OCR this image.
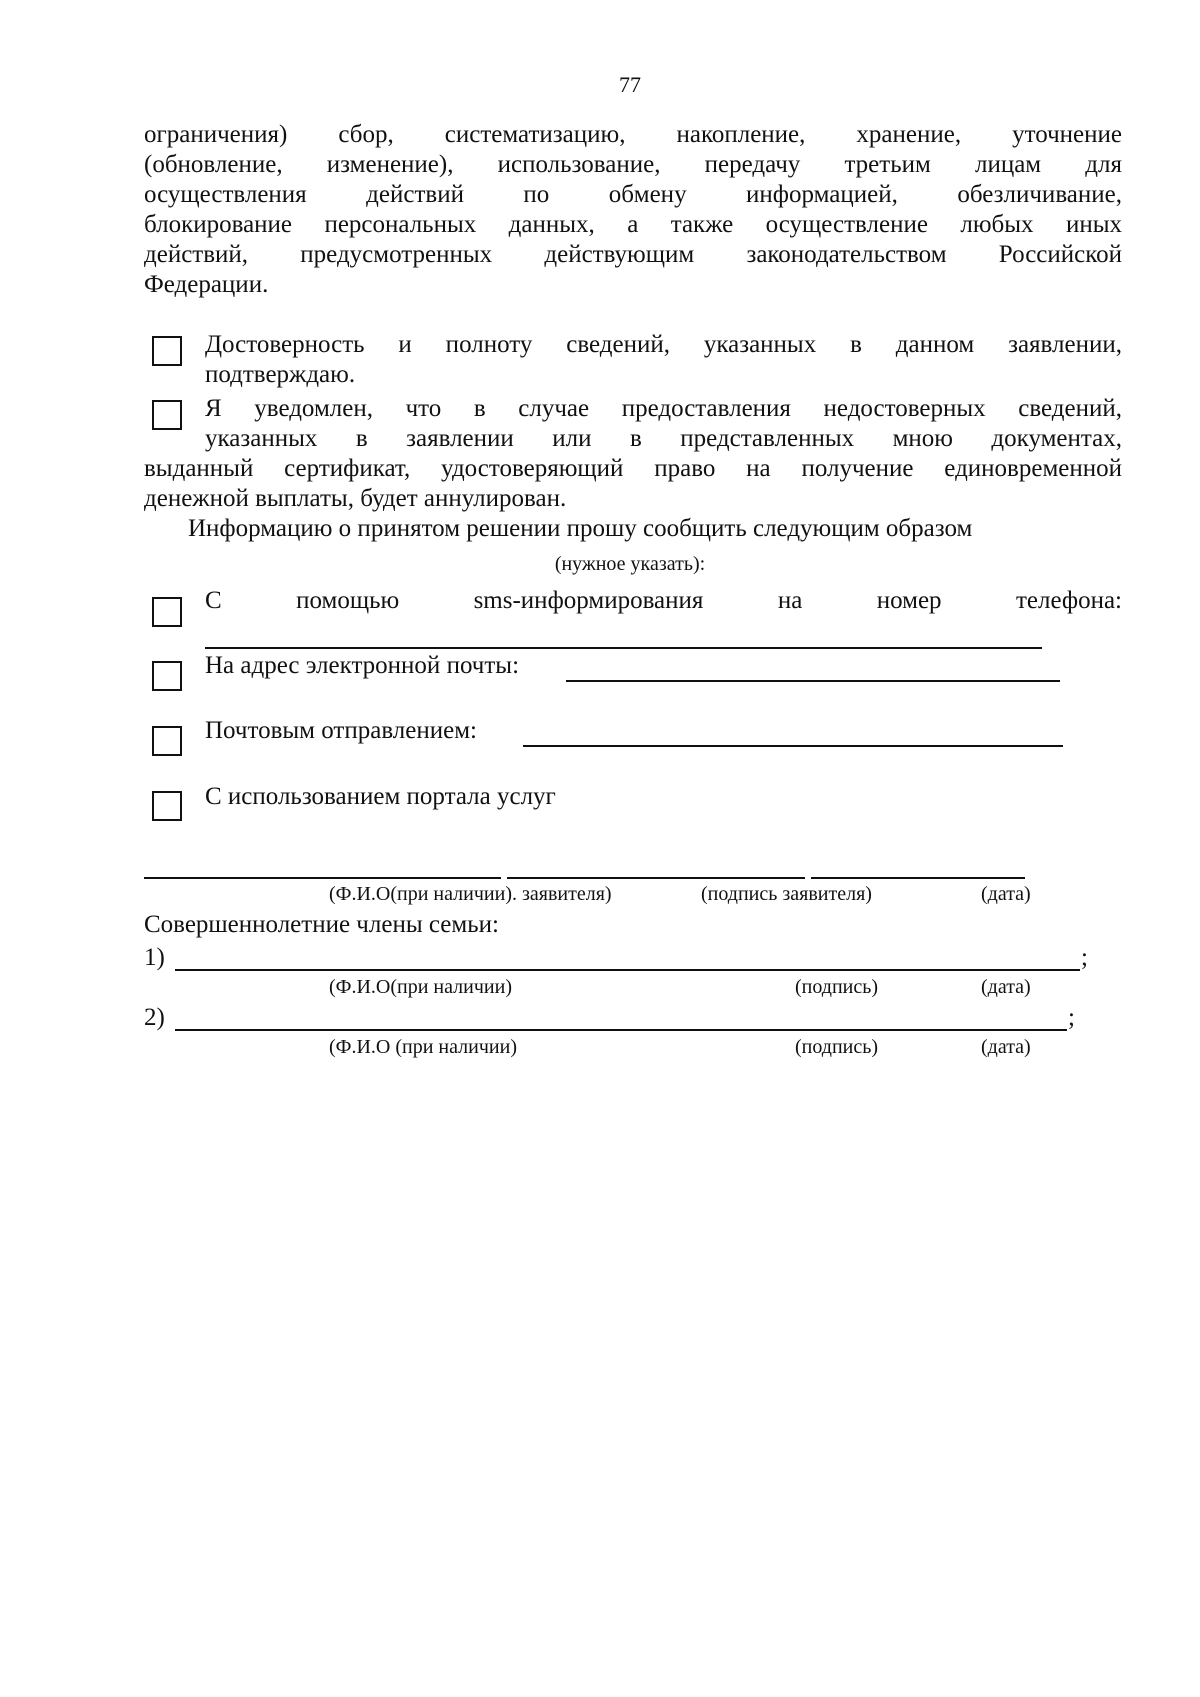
77
ограничения) сбор, систематизацию, накопление, хранение, уточнение
(обновление, изменение), использование, передачу третьим лицам для
осуществления действий по обмену информацией, обезличивание,
блокирование персональных данных, а также осуществление любых иных
действий, предусмотренных действующим законодательством Российской
Федерации.
Достоверность и полноту сведений, указанных в данном заявлении,
подтверждаю.
Я уведомлен, что в случае предоставления недостоверных сведений,
указанных в заявлении или в представленных мною документах,
выданный сертификат, удостоверяющий право на получение единовременной
денежной выплаты, будет аннулирован.
Информацию о принятом решении прошу сообщить следующим образом
(нужное указать):
С помощью sms-информирования на номер телефона:
На адрес электронной почты:
Почтовым отправлением:
С использованием портала услуг
(Ф.И.О(при наличии). заявителя)	(подпись заявителя)	(дата)
Совершеннолетние члены семьи:
1)	;
(Ф.И.О(при наличии)	(подпись)	(дата)
2)	;
(Ф.И.О (при наличии)	(подпись)	(дата)
